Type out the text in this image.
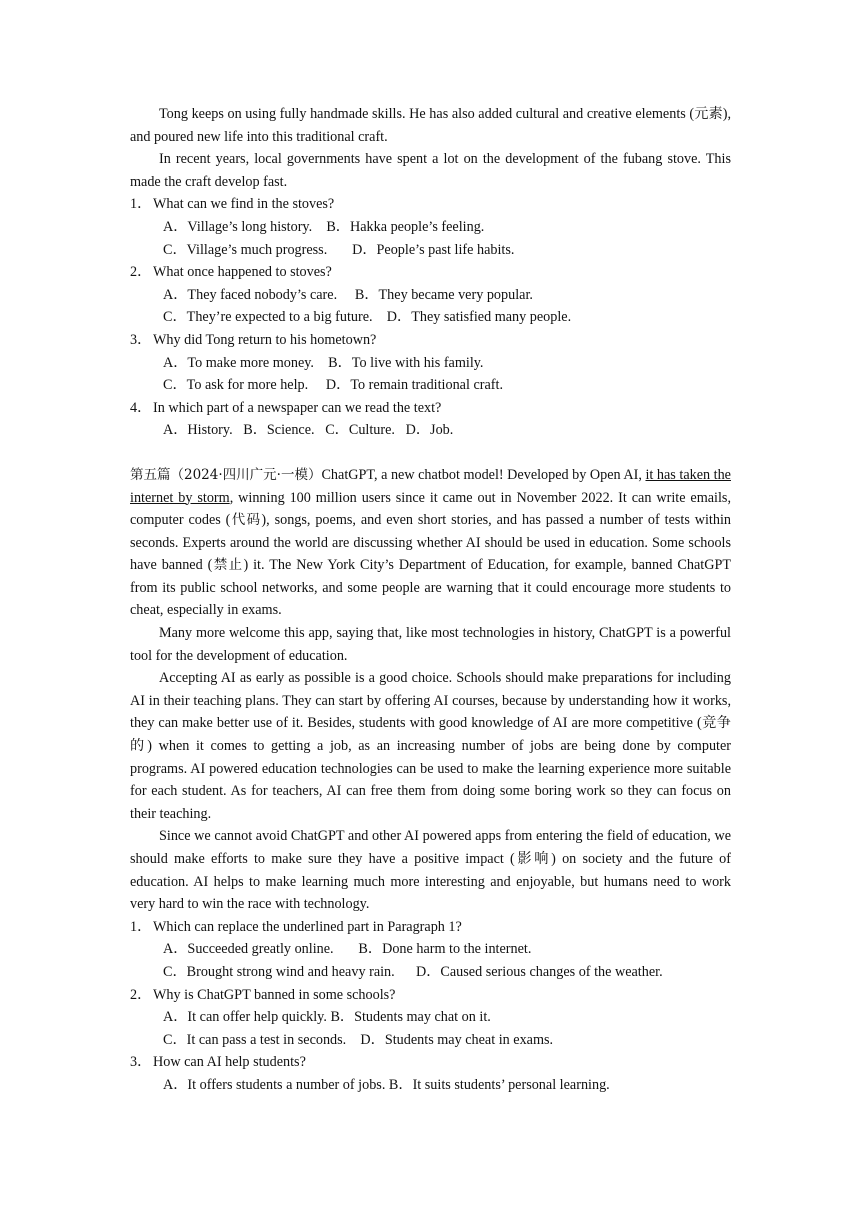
Tong keeps on using fully handmade skills. He has also added cultural and creative elements (元素), and poured new life into this traditional craft.

In recent years, local governments have spent a lot on the development of the fubang stove. This made the craft develop fast.

1． What can we find in the stoves?
A．Village’s long history.    B．Hakka people’s feeling.
C．Village’s much progress.       D．People’s past life habits.
2． What once happened to stoves?
A．They faced nobody’s care.     B．They became very popular.
C．They’re expected to a big future.    D．They satisfied many people.
3． Why did Tong return to his hometown?
A．To make more money.    B．To live with his family.
C．To ask for more help.     D．To remain traditional craft.
4． In which part of a newspaper can we read the text?
A．History.   B．Science.   C．Culture.   D．Job.

第五篇（2024·四川广元·一模）ChatGPT, a new chatbot model! Developed by Open AI, it has taken the internet by storm, winning 100 million users since it came out in November 2022. It can write emails, computer codes (代码), songs, poems, and even short stories, and has passed a number of tests within seconds. Experts around the world are discussing whether AI should be used in education. Some schools have banned (禁止) it. The New York City’s Department of Education, for example, banned ChatGPT from its public school networks, and some people are warning that it could encourage more students to cheat, especially in exams.

Many more welcome this app, saying that, like most technologies in history, ChatGPT is a powerful tool for the development of education.

Accepting AI as early as possible is a good choice. Schools should make preparations for including AI in their teaching plans. They can start by offering AI courses, because by understanding how it works, they can make better use of it. Besides, students with good knowledge of AI are more competitive (竞争的) when it comes to getting a job, as an increasing number of jobs are being done by computer programs. AI powered education technologies can be used to make the learning experience more suitable for each student. As for teachers, AI can free them from doing some boring work so they can focus on their teaching.

Since we cannot avoid ChatGPT and other AI powered apps from entering the field of education, we should make efforts to make sure they have a positive impact (影响) on society and the future of education. AI helps to make learning much more interesting and enjoyable, but humans need to work very hard to win the race with technology.

1． Which can replace the underlined part in Paragraph 1?
A．Succeeded greatly online.       B．Done harm to the internet.
C．Brought strong wind and heavy rain.      D．Caused serious changes of the weather.
2． Why is ChatGPT banned in some schools?
A．It can offer help quickly. B．Students may chat on it.
C．It can pass a test in seconds.    D．Students may cheat in exams.
3． How can AI help students?
A．It offers students a number of jobs. B．It suits students’ personal learning.
